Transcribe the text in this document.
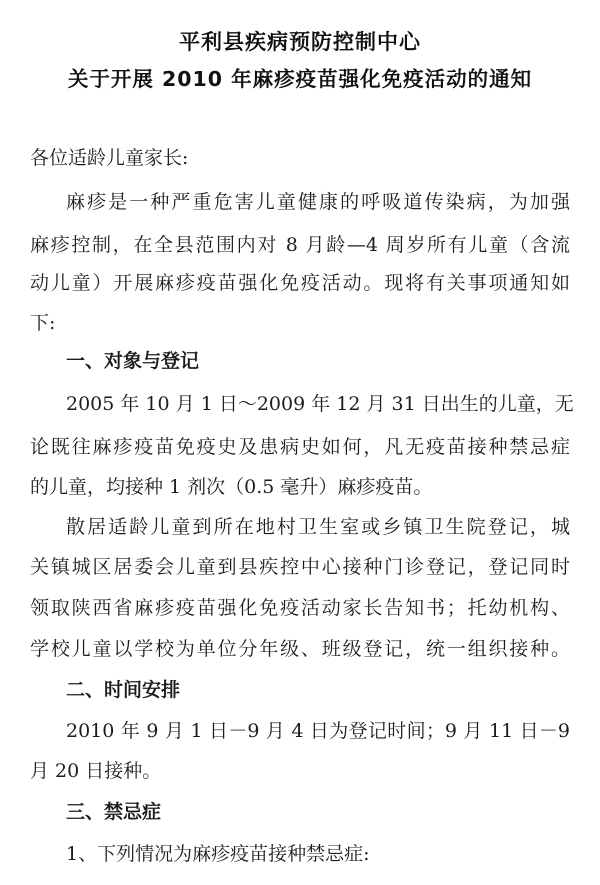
平利县疾病预防控制中心
关于开展 2010 年麻疹疫苗强化免疫活动的通知
各位适龄儿童家长:
麻疹是一种严重危害儿童健康的呼吸道传染病，为加强
麻疹控制，在全县范围内对 8 月龄—4 周岁所有儿童（含流
动儿童）开展麻疹疫苗强化免疫活动。现将有关事项通知如
下:
一、对象与登记
2005 年 10 月 1 日～2009 年 12 月 31 日出生的儿童，无
论既往麻疹疫苗免疫史及患病史如何，凡无疫苗接种禁忌症
的儿童，均接种 1 剂次（0.5 毫升）麻疹疫苗。
散居适龄儿童到所在地村卫生室或乡镇卫生院登记，城
关镇城区居委会儿童到县疾控中心接种门诊登记，登记同时
领取陕西省麻疹疫苗强化免疫活动家长告知书；托幼机构、
学校儿童以学校为单位分年级、班级登记，统一组织接种。
二、时间安排
2010 年 9 月 1 日－9 月 4 日为登记时间；9 月 11 日－9
月 20 日接种。
三、禁忌症
1、下列情况为麻疹疫苗接种禁忌症:
